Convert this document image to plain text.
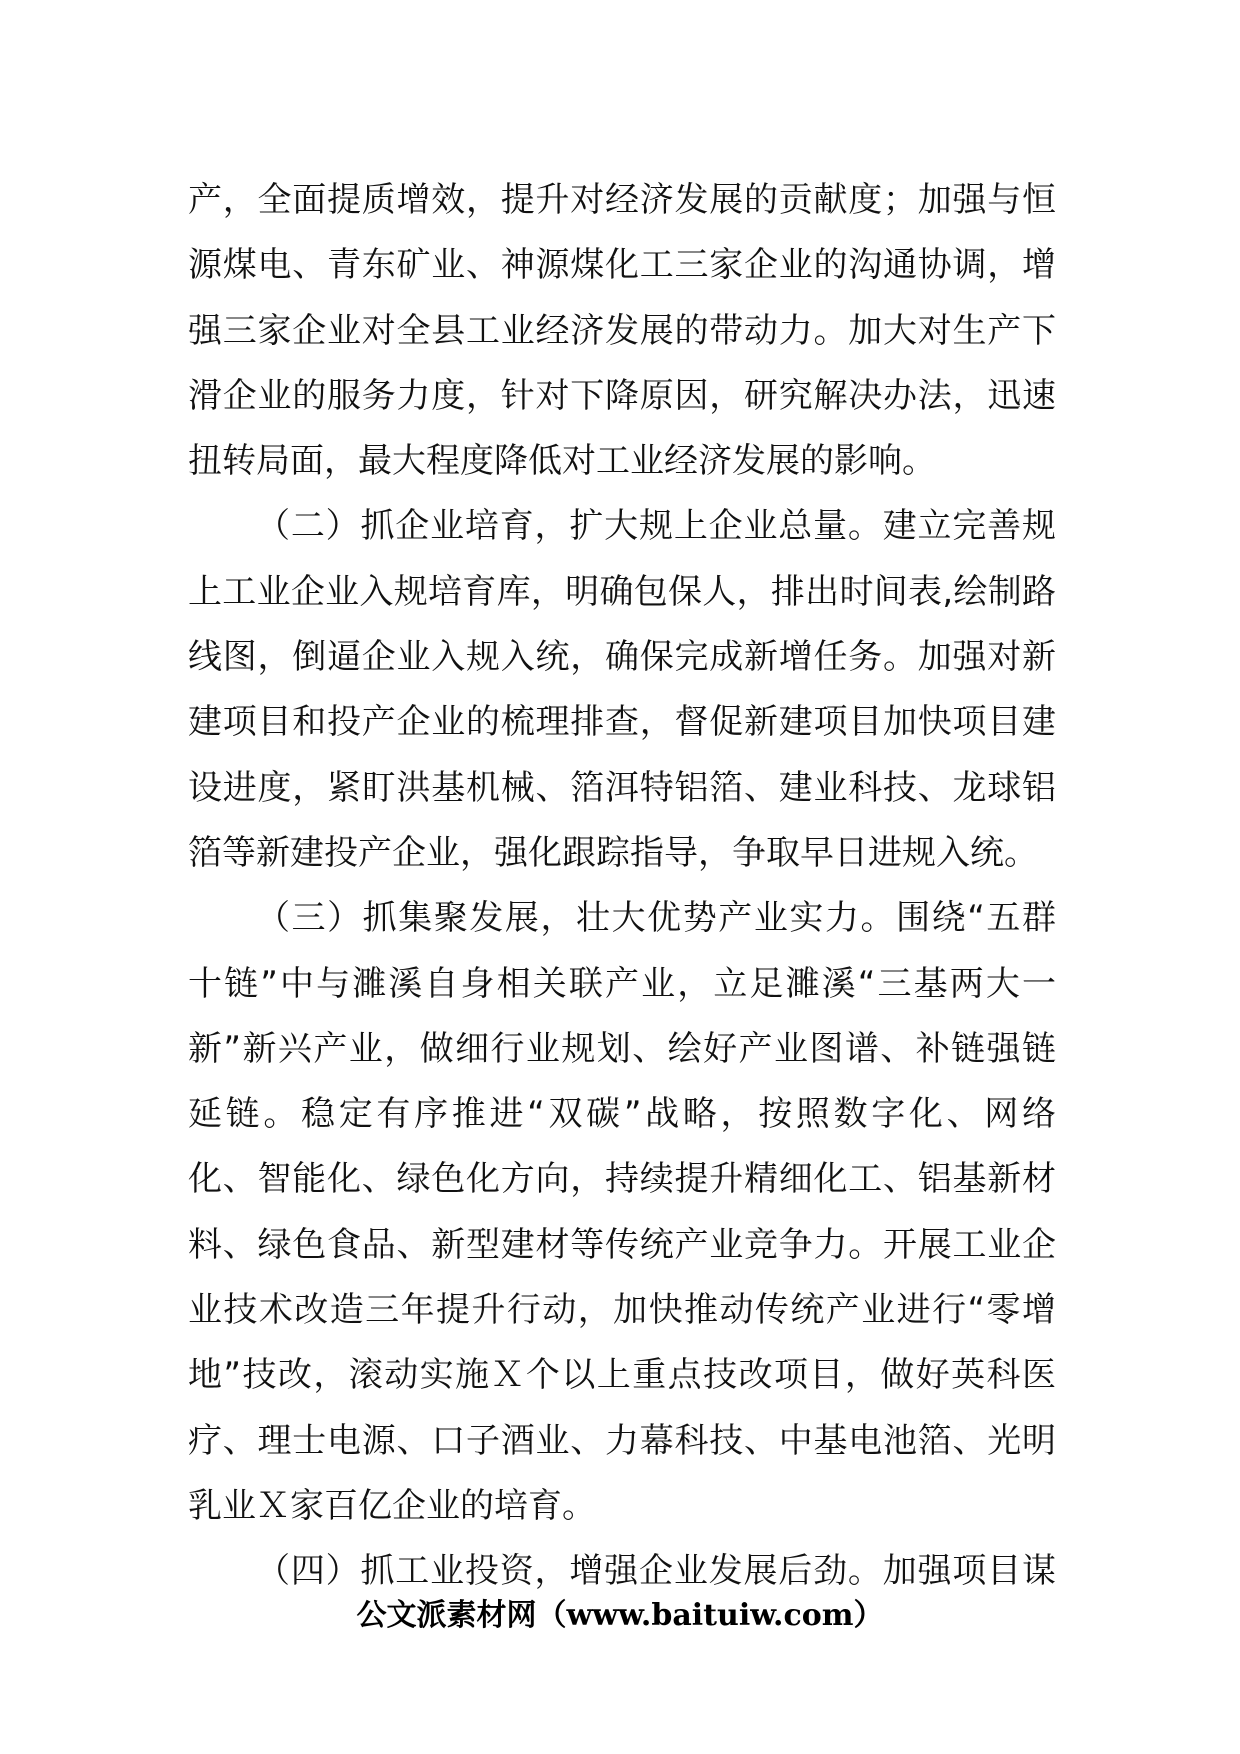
产，全面提质增效，提升对经济发展的贡献度；加强与恒
源煤电、青东矿业、神源煤化工三家企业的沟通协调，增
强三家企业对全县工业经济发展的带动力。加大对生产下
滑企业的服务力度，针对下降原因，研究解决办法，迅速
扭转局面，最大程度降低对工业经济发展的影响。
（二）抓企业培育，扩大规上企业总量。建立完善规
上工业企业入规培育库，明确包保人，排出时间表,绘制路
线图，倒逼企业入规入统，确保完成新增任务。加强对新
建项目和投产企业的梳理排查，督促新建项目加快项目建
设进度，紧盯洪基机械、箔洱特铝箔、建业科技、龙球铝
箔等新建投产企业，强化跟踪指导，争取早日进规入统。
（三）抓集聚发展，壮大优势产业实力。围绕“五群
十链”中与濉溪自身相关联产业，立足濉溪“三基两大一
新”新兴产业，做细行业规划、绘好产业图谱、补链强链
延链。稳定有序推进“双碳”战略，按照数字化、网络
化、智能化、绿色化方向，持续提升精细化工、铝基新材
料、绿色食品、新型建材等传统产业竞争力。开展工业企
业技术改造三年提升行动，加快推动传统产业进行“零增
地”技改，滚动实施Ｘ个以上重点技改项目，做好英科医
疗、理士电源、口子酒业、力幕科技、中基电池箔、光明
乳业Ｘ家百亿企业的培育。
（四）抓工业投资，增强企业发展后劲。加强项目谋
公文派素材网（www.baituiw.com）
